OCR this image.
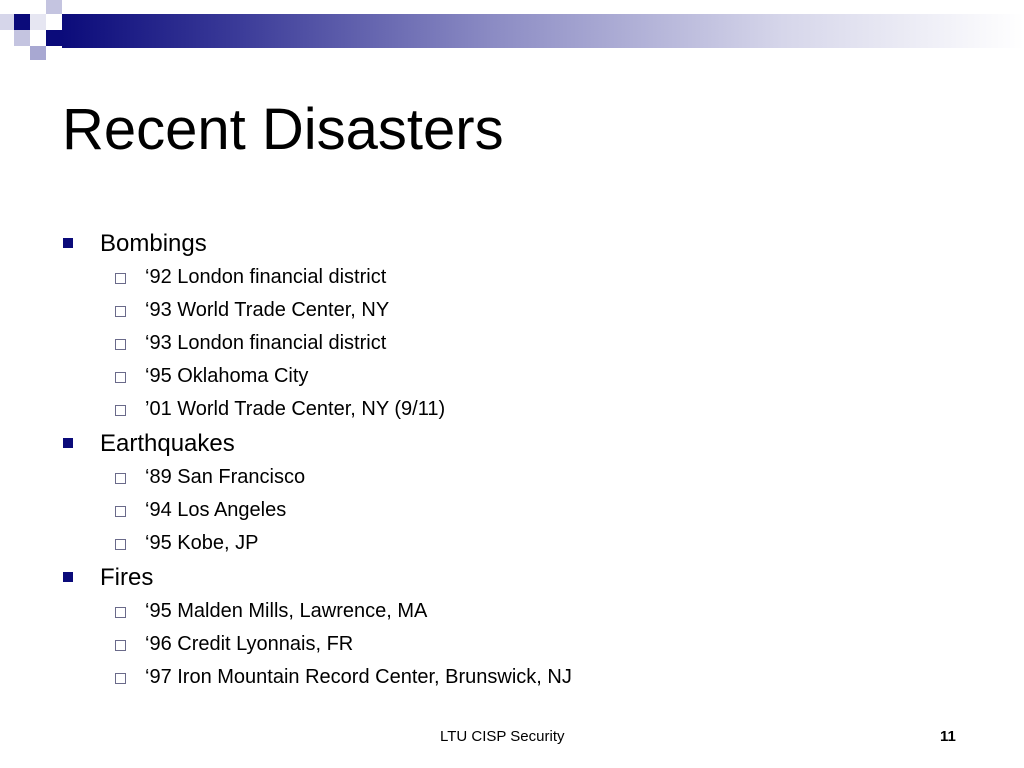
Recent Disasters
Bombings
‘92 London financial district
‘93 World Trade Center, NY
‘93 London financial district
‘95 Oklahoma City
’01 World Trade Center, NY (9/11)
Earthquakes
‘89 San Francisco
‘94 Los Angeles
‘95 Kobe, JP
Fires
‘95 Malden Mills, Lawrence, MA
‘96 Credit Lyonnais, FR
‘97 Iron Mountain Record Center, Brunswick, NJ
LTU CISP Security	11
